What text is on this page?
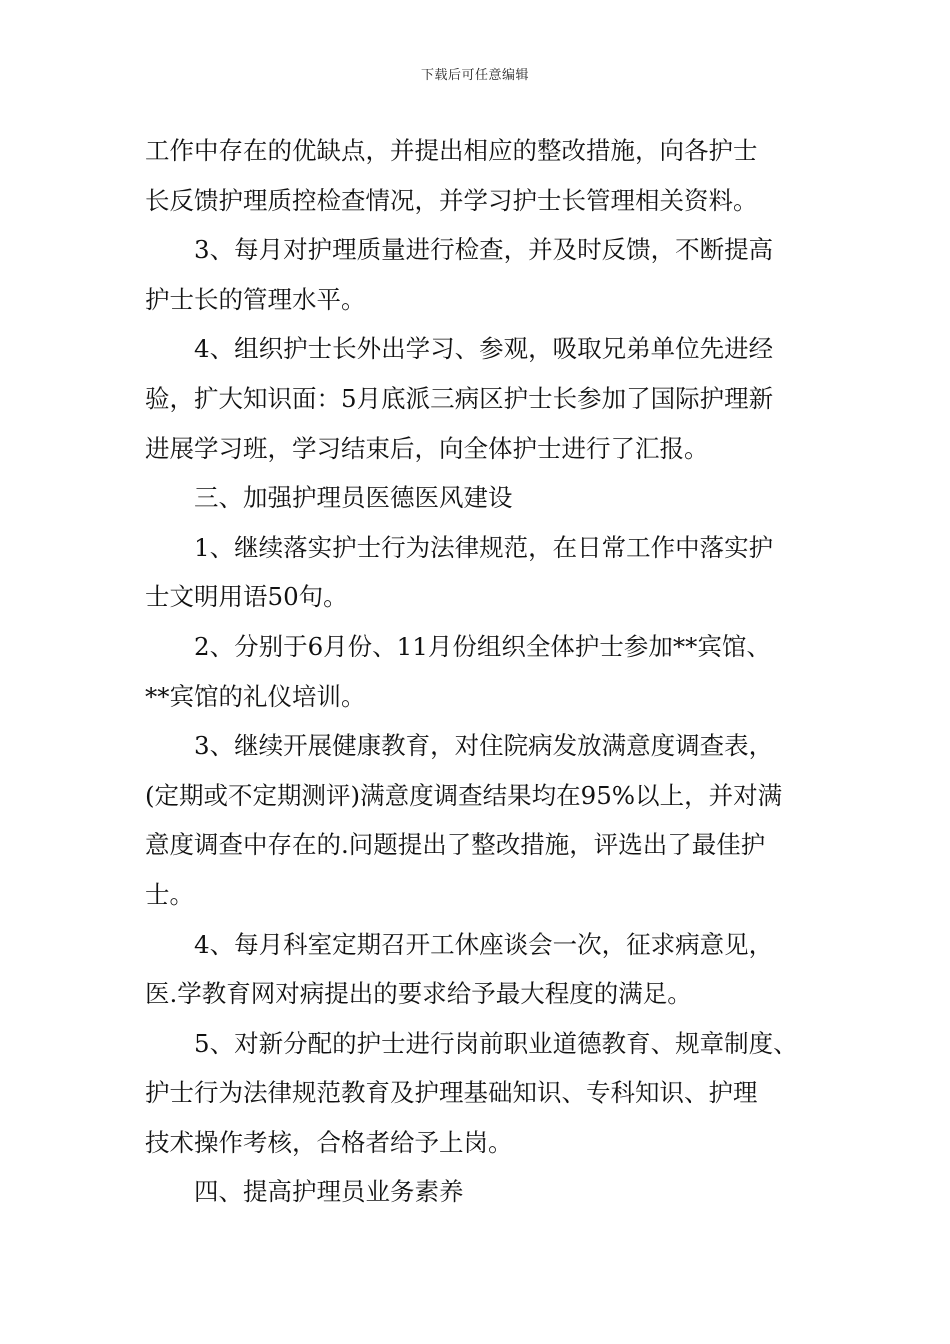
下载后可任意编辑

工作中存在的优缺点，并提出相应的整改措施，向各护士
长反馈护理质控检查情况，并学习护士长管理相关资料。

3、每月对护理质量进行检查，并及时反馈，不断提高
护士长的管理水平。

4、组织护士长外出学习、参观，吸取兄弟单位先进经
验，扩大知识面：5月底派三病区护士长参加了国际护理新
进展学习班，学习结束后，向全体护士进行了汇报。

三、加强护理员医德医风建设

1、继续落实护士行为法律规范，在日常工作中落实护
士文明用语50句。

2、分别于6月份、11月份组织全体护士参加**宾馆、
**宾馆的礼仪培训。

3、继续开展健康教育，对住院病发放满意度调查表，
(定期或不定期测评)满意度调查结果均在95%以上，并对满
意度调查中存在的.问题提出了整改措施，评选出了最佳护
士。

4、每月科室定期召开工休座谈会一次，征求病意见，
医.学教育网对病提出的要求给予最大程度的满足。

5、对新分配的护士进行岗前职业道德教育、规章制度、
护士行为法律规范教育及护理基础知识、专科知识、护理
技术操作考核，合格者给予上岗。

四、提高护理员业务素养
